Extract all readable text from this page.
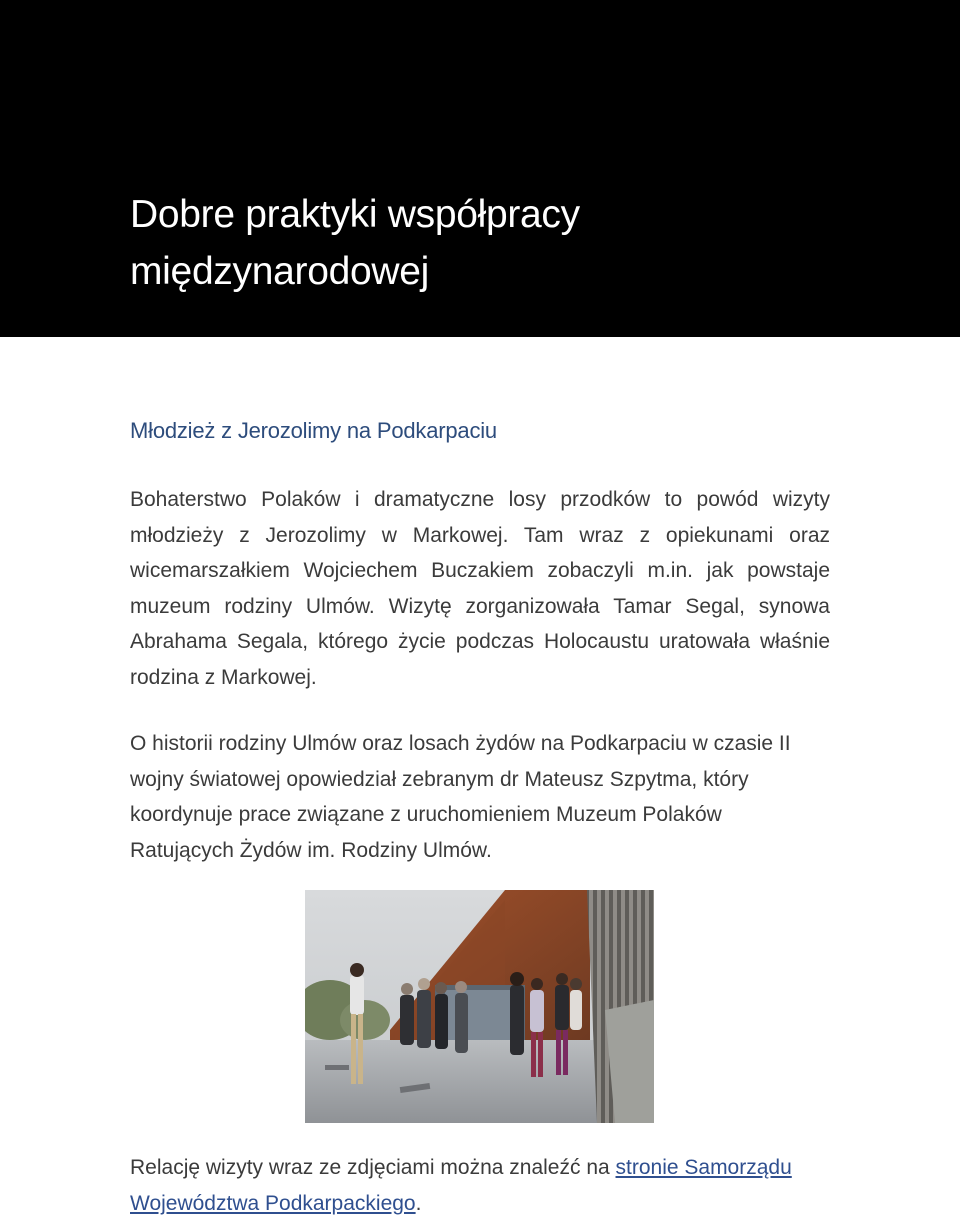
Dobre praktyki współpracy
międzynarodowej
Młodzież z Jerozolimy na Podkarpaciu

Bohaterstwo Polaków i dramatyczne losy przodków to powód wizyty młodzieży z Jerozolimy w Markowej. Tam wraz z opiekunami oraz wicemarszałkiem Wojciechem Buczakiem zobaczyli m.in. jak powstaje muzeum rodziny Ulmów. Wizytę zorganizowała Tamar Segal, synowa Abrahama Segala, którego życie podczas Holocaustu uratowała właśnie rodzina z Markowej.

O historii rodziny Ulmów oraz losach żydów na Podkarpaciu w czasie II wojny światowej opowiedział zebranym dr Mateusz Szpytma, który koordynuje prace związane z uruchomieniem Muzeum Polaków Ratujących Żydów im. Rodziny Ulmów.

Relację wizyty wraz ze zdjęciami można znaleźć na stronie Samorządu Województwa Podkarpackiego.
